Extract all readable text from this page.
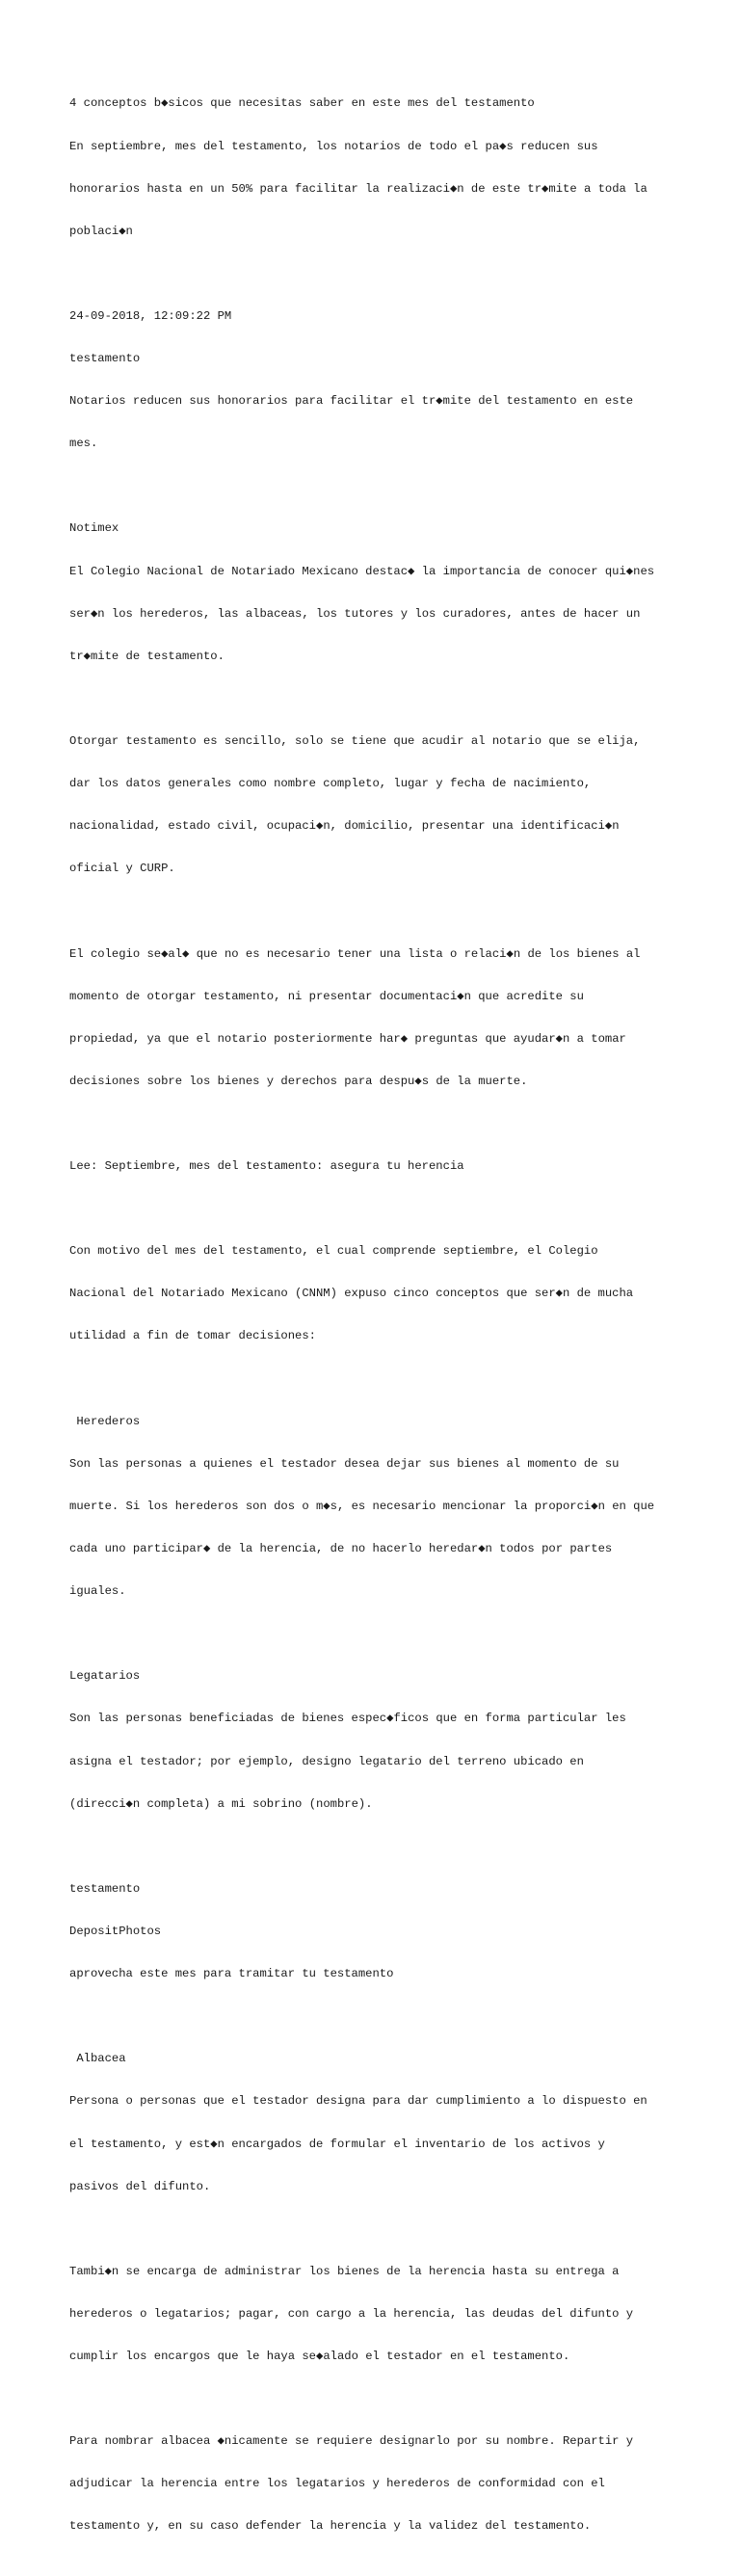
4 conceptos b◆sicos que necesitas saber en este mes del testamento

En septiembre, mes del testamento, los notarios de todo el pa◆s reducen sus

honorarios hasta en un 50% para facilitar la realizaci◆n de este tr◆mite a toda la

poblaci◆n

24-09-2018, 12:09:22 PM

testamento

Notarios reducen sus honorarios para facilitar el tr◆mite del testamento en este

mes.

Notimex

El Colegio Nacional de Notariado Mexicano destac◆ la importancia de conocer qui◆nes

ser◆n los herederos, las albaceas, los tutores y los curadores, antes de hacer un

tr◆mite de testamento.

Otorgar testamento es sencillo, solo se tiene que acudir al notario que se elija,

dar los datos generales como nombre completo, lugar y fecha de nacimiento,

nacionalidad, estado civil, ocupaci◆n, domicilio, presentar una identificaci◆n

oficial y CURP.

El colegio se◆al◆ que no es necesario tener una lista o relaci◆n de los bienes al

momento de otorgar testamento, ni presentar documentaci◆n que acredite su

propiedad, ya que el notario posteriormente har◆ preguntas que ayudar◆n a tomar

decisiones sobre los bienes y derechos para despu◆s de la muerte.

Lee: Septiembre, mes del testamento: asegura tu herencia

Con motivo del mes del testamento, el cual comprende septiembre, el Colegio

Nacional del Notariado Mexicano (CNNM) expuso cinco conceptos que ser◆n de mucha

utilidad a fin de tomar decisiones:

Herederos

Son las personas a quienes el testador desea dejar sus bienes al momento de su

muerte. Si los herederos son dos o m◆s, es necesario mencionar la proporci◆n en que

cada uno participar◆ de la herencia, de no hacerlo heredar◆n todos por partes

iguales.

Legatarios

Son las personas beneficiadas de bienes espec◆ficos que en forma particular les

asigna el testador; por ejemplo, designo legatario del terreno ubicado en

(direcci◆n completa) a mi sobrino (nombre).

testamento

DepositPhotos

aprovecha este mes para tramitar tu testamento

Albacea

Persona o personas que el testador designa para dar cumplimiento a lo dispuesto en

el testamento, y est◆n encargados de formular el inventario de los activos y

pasivos del difunto.

Tambi◆n se encarga de administrar los bienes de la herencia hasta su entrega a

herederos o legatarios; pagar, con cargo a la herencia, las deudas del difunto y

cumplir los encargos que le haya se◆alado el testador en el testamento.

Para nombrar albacea ◆nicamente se requiere designarlo por su nombre. Repartir y

adjudicar la herencia entre los legatarios y herederos de conformidad con el

testamento y, en su caso defender la herencia y la validez del testamento.
